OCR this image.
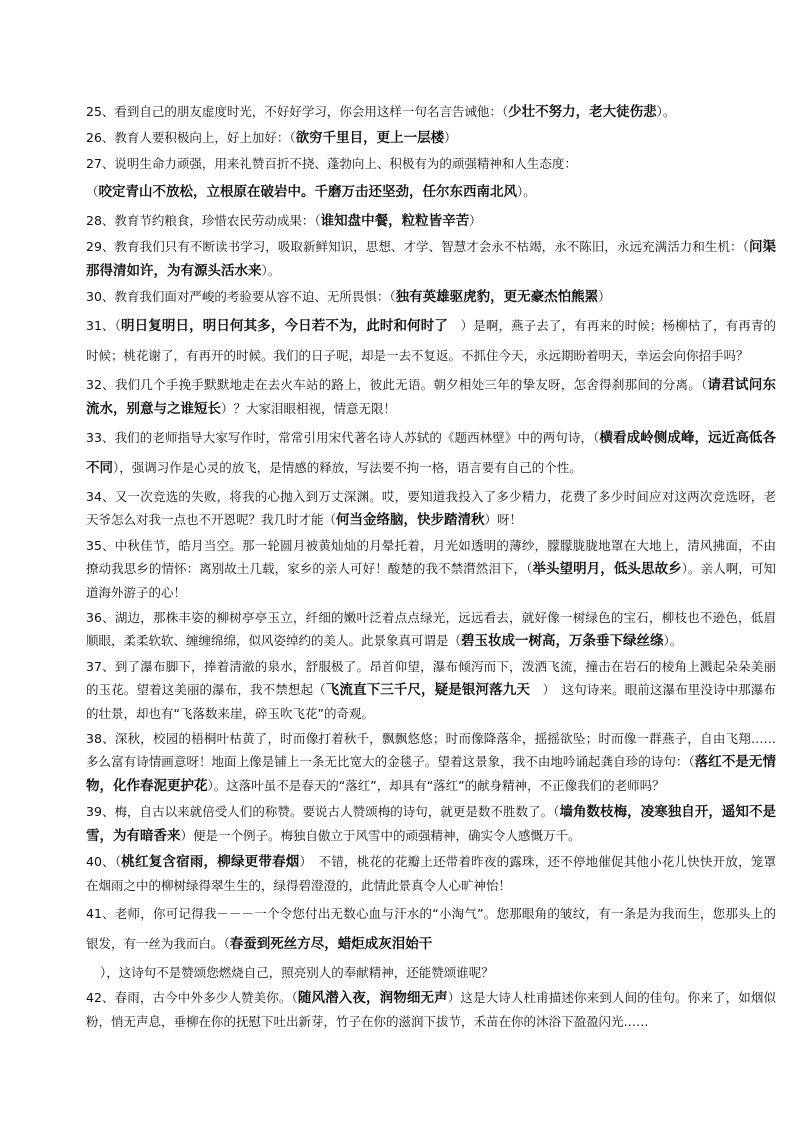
25、看到自己的朋友虚度时光，不好好学习，你会用这样一句名言告诫他：（少壮不努力，老大徒伤悲）。

26、教育人要积极向上，好上加好：（欲穷千里目，更上一层楼）

27、说明生命力顽强，用来礼赞百折不挠、蓬勃向上、积极有为的顽强精神和人生态度：

（咬定青山不放松，立根原在破岩中。千磨万击还坚劲，任尔东西南北风）。

28、教育节约粮食，珍惜农民劳动成果：（谁知盘中餐，粒粒皆辛苦）

29、教育我们只有不断读书学习，吸取新鲜知识，思想、才学、智慧才会永不枯竭，永不陈旧，永远充满活力和生机：（问渠那得清如许，为有源头活水来）。

30、教育我们面对严峻的考验要从容不迫、无所畏惧：（独有英雄驱虎豹，更无豪杰怕熊罴）

31、（明日复明日，明日何其多，今日若不为，此时和何时了　）是啊，燕子去了，有再来的时候；杨柳枯了，有再青的时候；桃花谢了，有再开的时候。我们的日子呢，却是一去不复返。不抓住今天，永远期盼着明天，幸运会向你招手吗？

32、我们几个手挽手默默地走在去火车站的路上，彼此无语。朝夕相处三年的挚友呀，怎舍得刹那间的分离。（请君试问东流水，别意与之谁短长）？大家泪眼相视，情意无限！

33、我们的老师指导大家写作时，常常引用宋代著名诗人苏轼的《题西林壁》中的两句诗，（横看成岭侧成峰，远近高低各不同），强调习作是心灵的放飞，是情感的释放，写法要不拘一格，语言要有自己的个性。

34、又一次竞选的失败，将我的心抛入到万丈深渊。哎，要知道我投入了多少精力，花费了多少时间应对这两次竞选呀，老天爷怎么对我一点也不开恩呢？我几时才能（何当金络脑，快步踏清秋）呀！

35、中秋佳节，皓月当空。那一轮圆月被黄灿灿的月晕托着，月光如透明的薄纱，朦朦胧胧地罩在大地上，清风拂面，不由撩动我思乡的情怀：离别故土几载，家乡的亲人可好！酸楚的我不禁潸然泪下，（举头望明月，低头思故乡）。亲人啊，可知道海外游子的心！

36、湖边，那株丰姿的柳树亭亭玉立，纤细的嫩叶泛着点点绿光，远远看去，就好像一树绿色的宝石，柳枝也不逊色，低眉顺眼，柔柔软软、缠缠绵绵，似风姿绰约的美人。此景象真可谓是（碧玉妆成一树高，万条垂下绿丝绦）。

37、到了瀑布脚下，捧着清澈的泉水，舒服极了。昂首仰望，瀑布倾泻而下，泼洒飞流，撞击在岩石的棱角上溅起朵朵美丽的玉花。望着这美丽的瀑布，我不禁想起（飞流直下三千尺，疑是银河落九天　）　这句诗来。眼前这瀑布里没诗中那瀑布的壮景，却也有“飞落数来崖，碎玉吹飞花”的奇观。

38、深秋，校园的梧桐叶枯黄了，时而像打着秋千，飘飘悠悠；时而像降落伞，摇摇欲坠；时而像一群燕子，自由飞翔……多么富有诗情画意呀！地面上像是铺上一条无比宽大的金毯子。望着这景象，我不由地吟诵起龚自珍的诗句：（落红不是无情物，化作春泥更护花）。这落叶虽不是春天的“落红”，却具有“落红”的献身精神，不正像我们的老师吗？

39、梅，自古以来就倍受人们的称赞。要说古人赞颂梅的诗句，就更是数不胜数了。（墙角数枝梅，凌寒独自开，遥知不是雪，为有暗香来）便是一个例子。梅独自傲立于风雪中的顽强精神，确实令人感慨万千。

40、（桃红复含宿雨，柳绿更带春烟）　不错，桃花的花瓣上还带着昨夜的露珠，还不停地催促其他小花儿快快开放，笼罩在烟雨之中的柳树绿得翠生生的，绿得碧澄澄的，此情此景真令人心旷神怡！

41、老师，你可记得我－－－一个令您付出无数心血与汗水的“小淘气”。您那眼角的皱纹，有一条是为我而生，您那头上的银发，有一丝为我而白。（春蚕到死丝方尽，蜡炬成灰泪始干

），这诗句不是赞颂您燃烧自己，照亮别人的奉献精神，还能赞颂谁呢？

42、春雨，古今中外多少人赞美你。（随风潜入夜，润物细无声）这是大诗人杜甫描述你来到人间的佳句。你来了，如烟似粉，悄无声息，垂柳在你的抚慰下吐出新芽，竹子在你的滋润下拔节，禾苗在你的沐浴下盈盈闪光……
